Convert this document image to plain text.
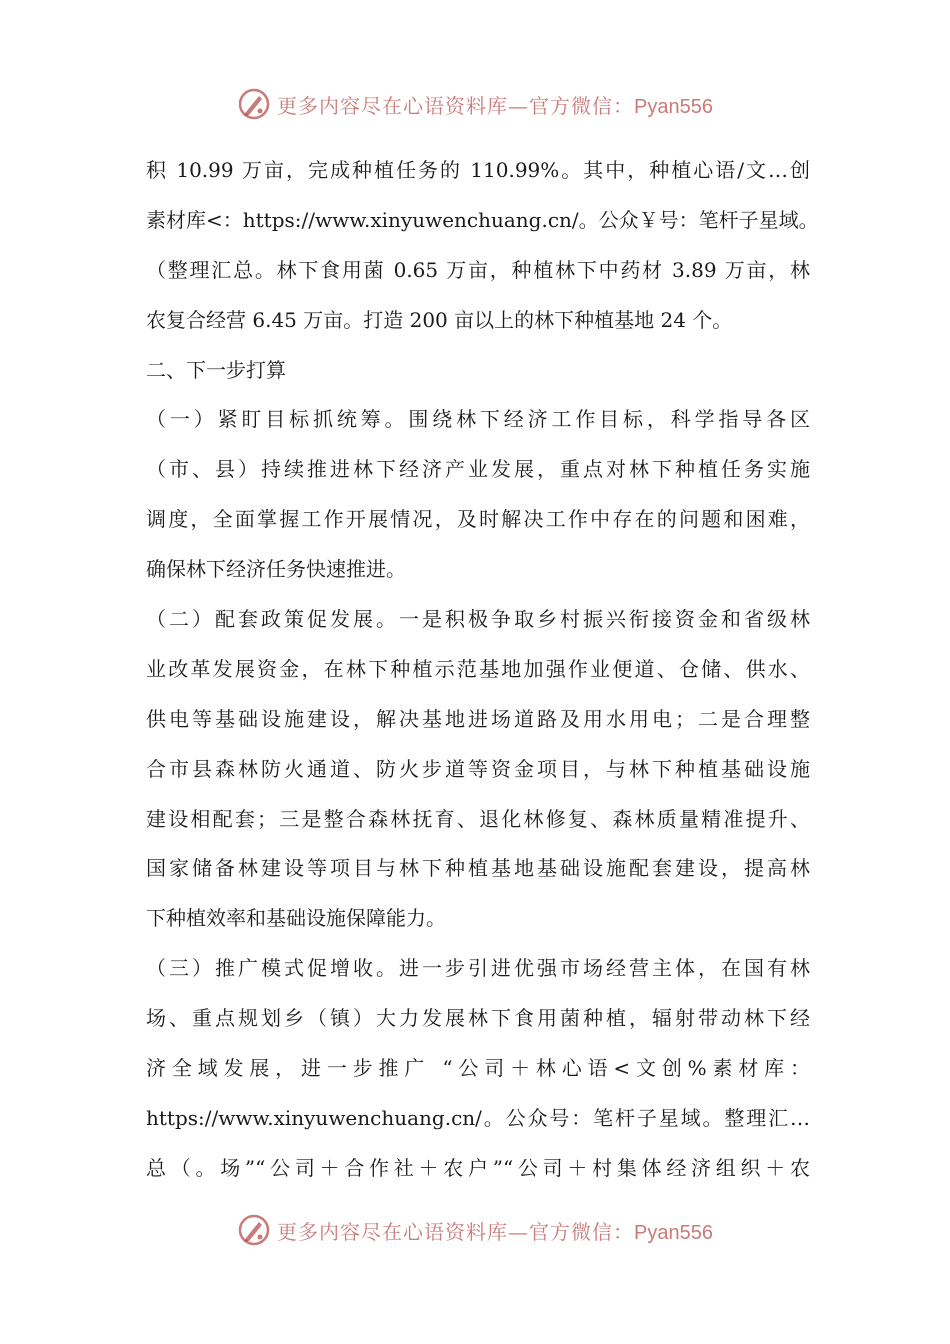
更多内容尽在心语资料库—官方微信：Pyan556
积 10.99 万亩，完成种植任务的 110.99%。其中，种植心语/文…创
素材库<：https://www.xinyuwenchuang.cn/。公众￥号：笔杆子星域。
（整理汇总。林下食用菌 0.65 万亩，种植林下中药材 3.89 万亩，林
农复合经营 6.45 万亩。打造 200 亩以上的林下种植基地 24 个。
二、下一步打算
（一）紧盯目标抓统筹。围绕林下经济工作目标，科学指导各区
（市、县）持续推进林下经济产业发展，重点对林下种植任务实施
调度，全面掌握工作开展情况，及时解决工作中存在的问题和困难，
确保林下经济任务快速推进。
（二）配套政策促发展。一是积极争取乡村振兴衔接资金和省级林
业改革发展资金，在林下种植示范基地加强作业便道、仓储、供水、
供电等基础设施建设，解决基地进场道路及用水用电；二是合理整
合市县森林防火通道、防火步道等资金项目，与林下种植基础设施
建设相配套；三是整合森林抚育、退化林修复、森林质量精准提升、
国家储备林建设等项目与林下种植基地基础设施配套建设，提高林
下种植效率和基础设施保障能力。
（三）推广模式促增收。进一步引进优强市场经营主体，在国有林
场、重点规划乡（镇）大力发展林下食用菌种植，辐射带动林下经
济全域发展，进一步推广 “公司＋林心语<文创%素材库：
https://www.xinyuwenchuang.cn/。公众号：笔杆子星域。整理汇…
总（。场”“公司＋合作社＋农户”“公司＋村集体经济组织＋农
更多内容尽在心语资料库—官方微信：Pyan556
